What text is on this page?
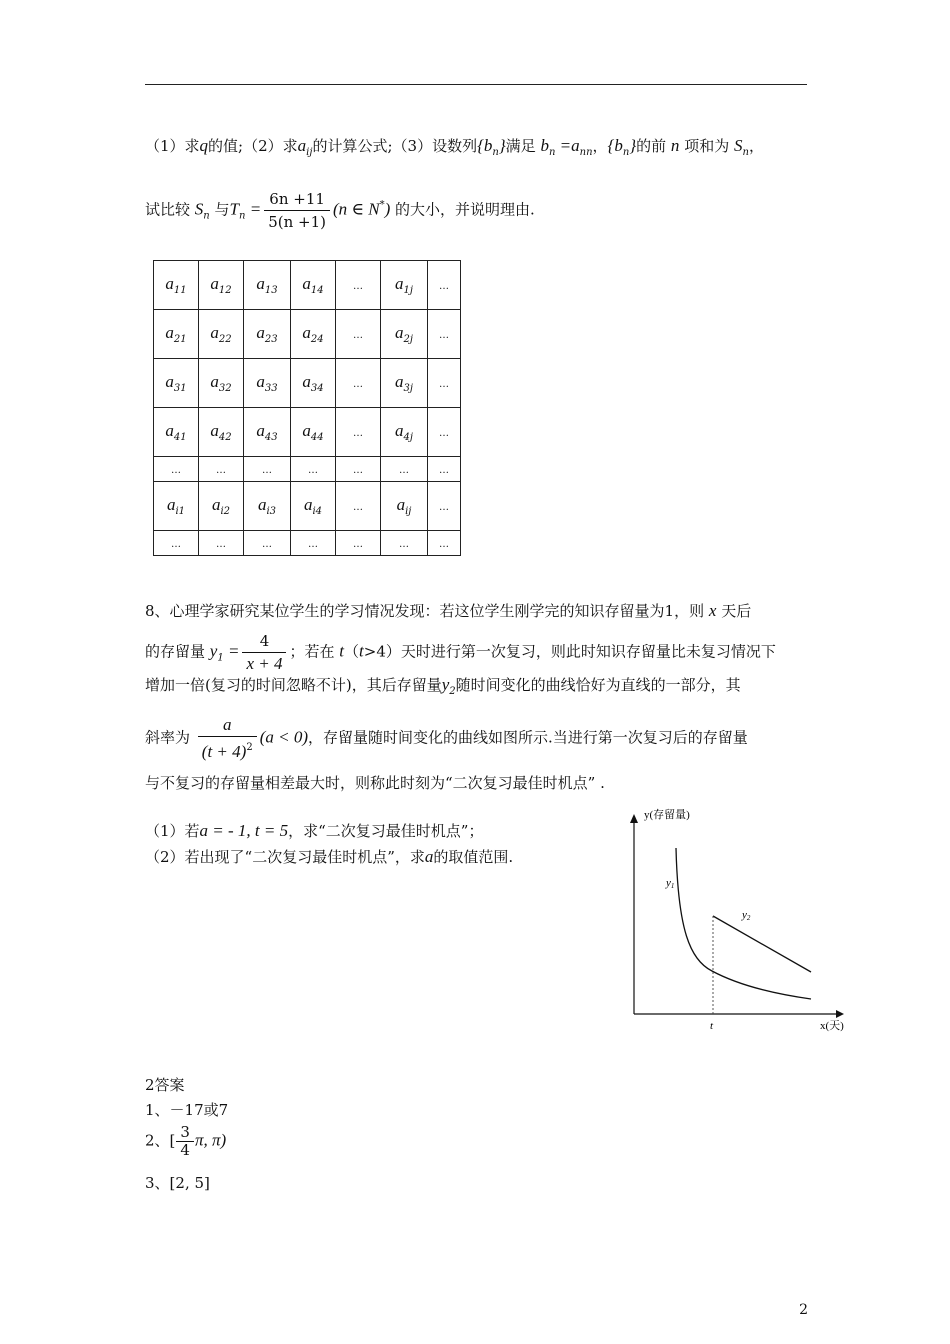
（1）求q的值;（2）求$a_{ij}$的计算公式;（3）设数列$\{b_n\}$满足 $b_n =a_{nn}$，$\{b_n\}$的前 n 项和为 $S_n$，
试比较 $S_n$ 与$T_n = \frac{6n +11}{5(n +1)} (n$ ∈ N*) 的大小，并说明理由.
$a_{11}$	$a_{12}$	$a_{13}$	$a_{14}$	…	$a_{1j}$	…
$a_{21}$	$a_{22}$	$a_{23}$	$a_{24}$	…	$a_{2j}$	…
$a_{31}$	$a_{32}$	$a_{33}$	$a_{34}$	…	$a_{3j}$	…
$a_{41}$	$a_{42}$	$a_{43}$	$a_{44}$	…	$a_{4j}$	…
…	…	…	…	…	…	…
$a_{i1}$	$a_{i2}$	$a_{i3}$	$a_{i4}$	…	$a_{ij}$	…
…	…	…	…	…	…	…
8、心理学家研究某位学生的学习情况发现：若这位学生刚学完的知识存留量为1，则 x 天后
的存留量 $y_1 = \frac{4}{x + 4}$ ；若在 t（t>4）天时进行第一次复习，则此时知识存留量比未复习情况下
增加一倍(复习的时间忽略不计)，其后存留量$y_2$随时间变化的曲线恰好为直线的一部分，其
斜率为 $\frac{a}{(t + 4)^2} (a < 0)$，存留量随时间变化的曲线如图所示.当进行第一次复习后的存留量
与不复习的存留量相差最大时，则称此时刻为“二次复习最佳时机点” .
（1）若a = - 1, t = 5，求“二次复习最佳时机点”；
（2）若出现了“二次复习最佳时机点”，求a的取值范围.
y(存留量)
x(天)
t
y1
y2
2答案
1、－17或7
2、[ $\frac{3}{4} \pi$, π)
3、[2, 5]
2
